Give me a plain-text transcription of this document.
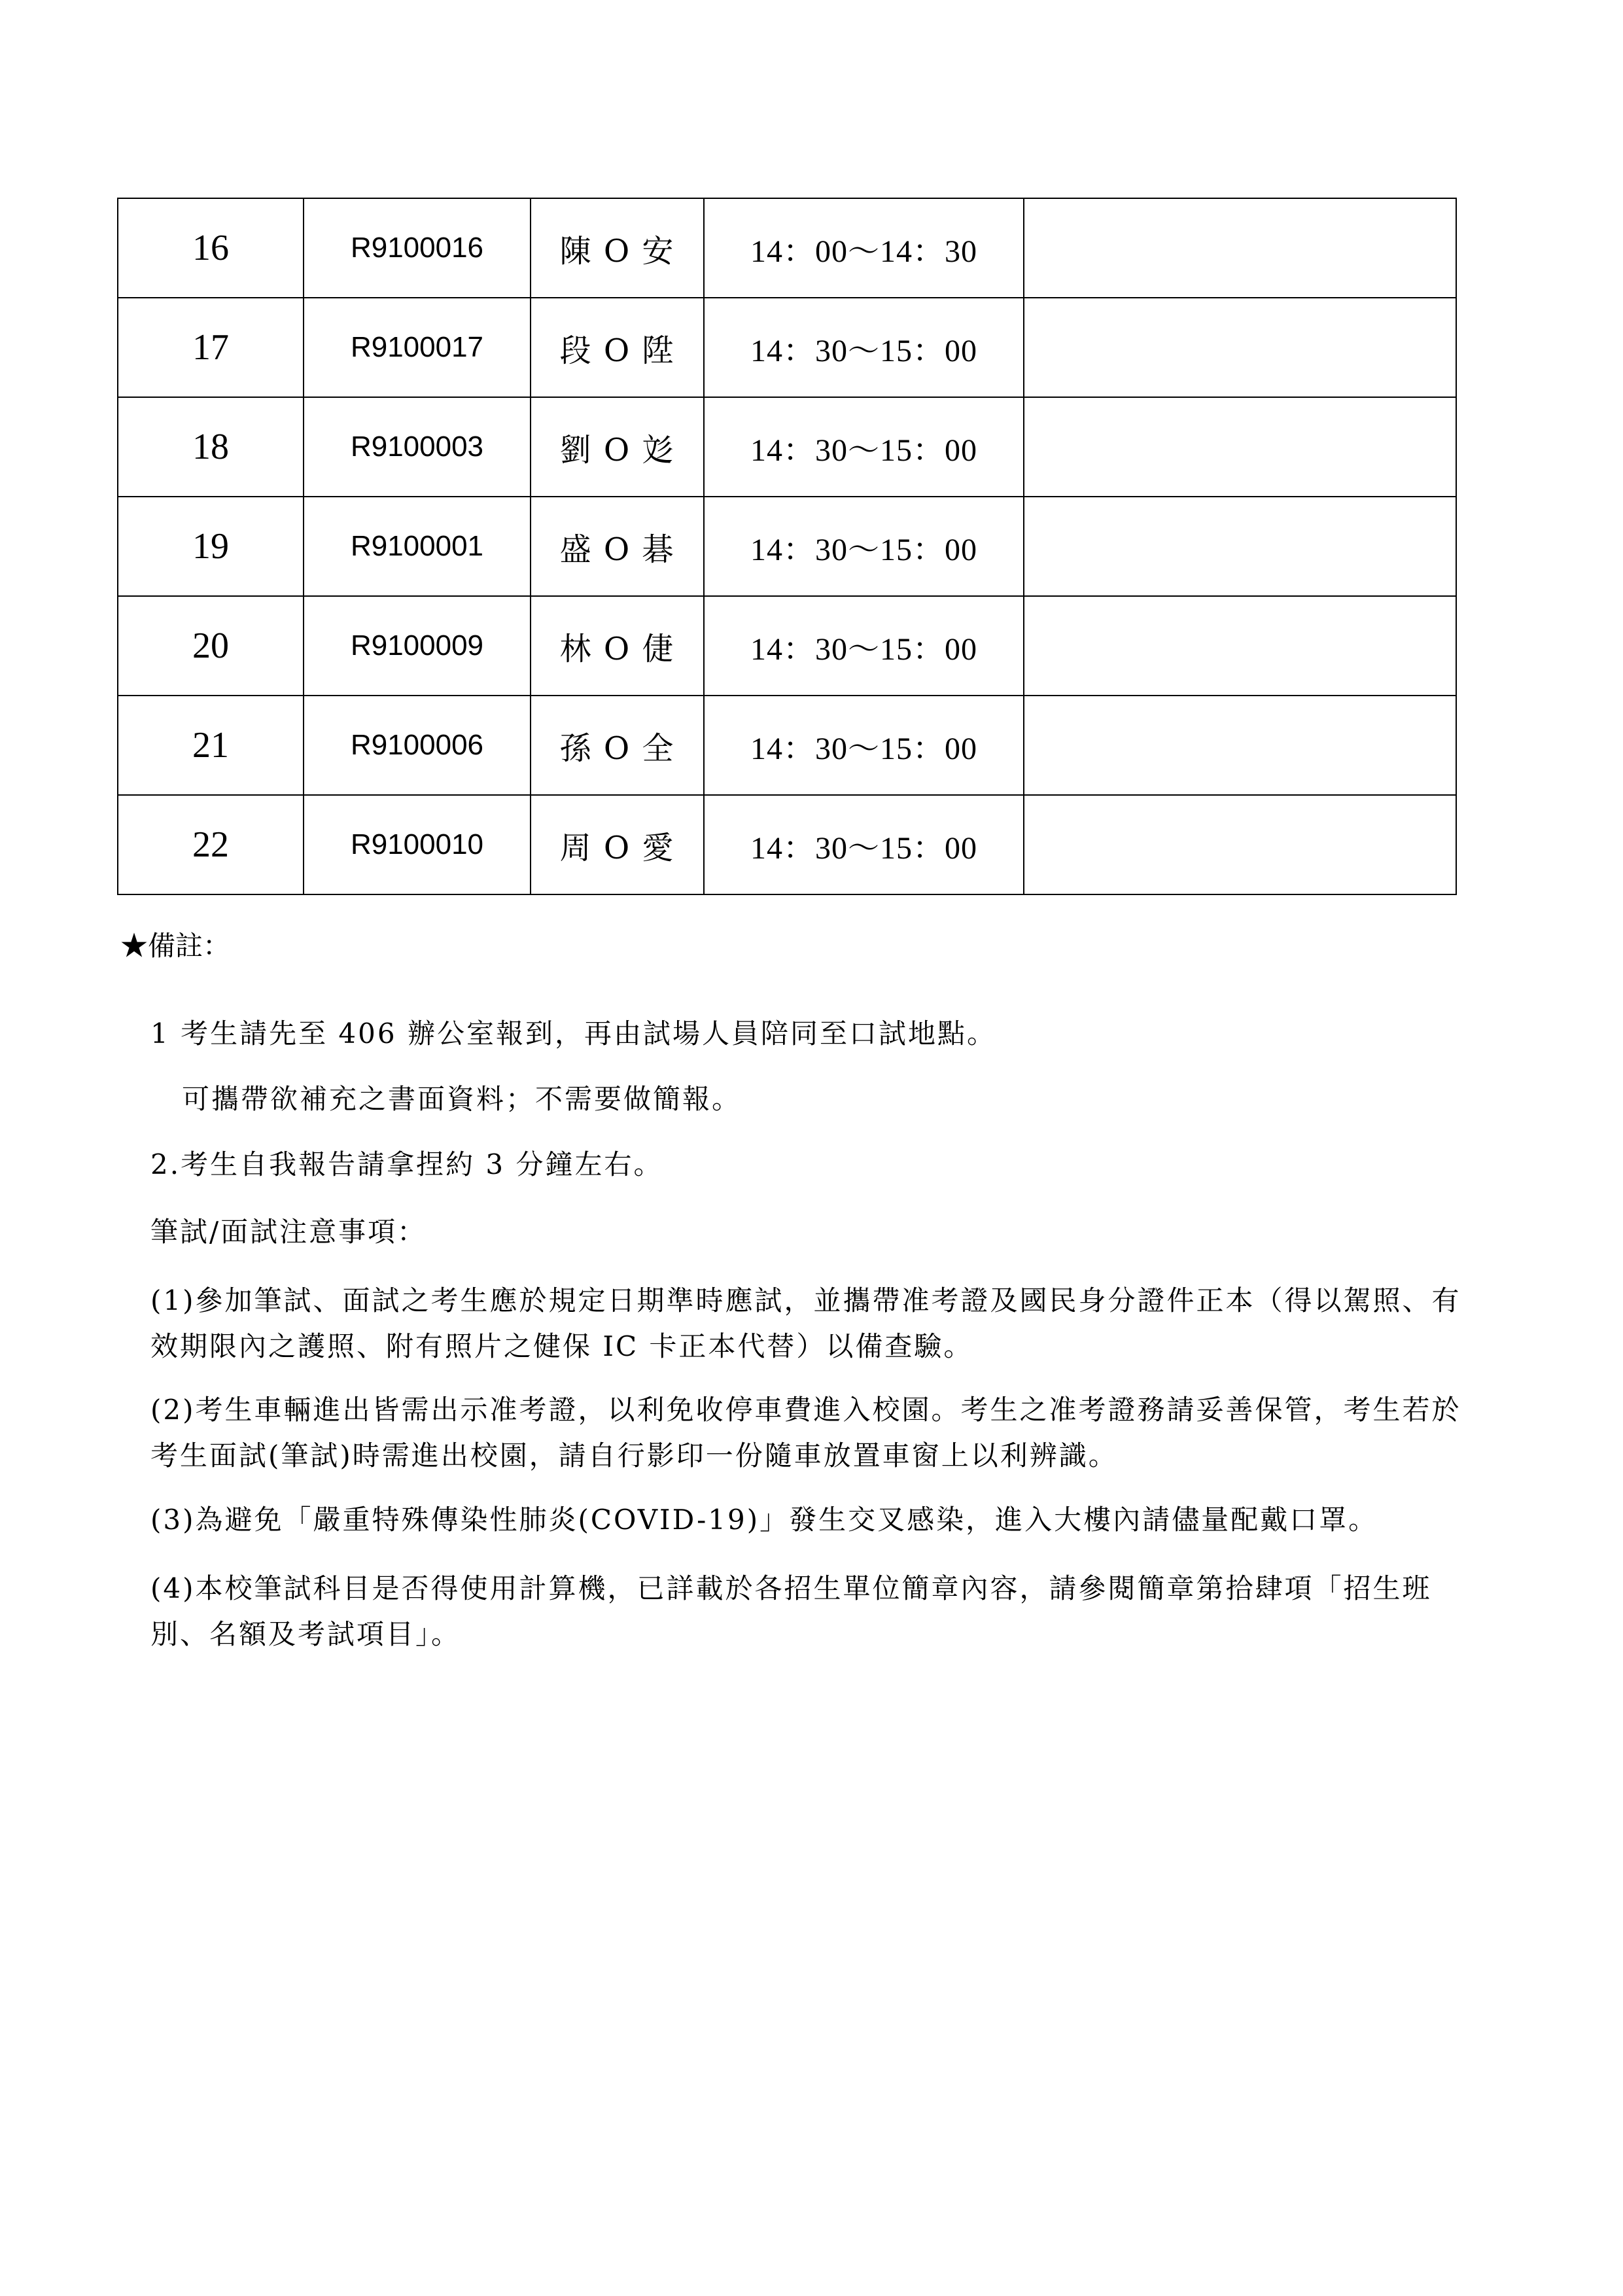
16	R9100016	陳 O 安	14：00～14：30	
17	R9100017	段 O 陞	14：30～15：00	
18	R9100003	劉 O 彣	14：30～15：00	
19	R9100001	盛 O 碁	14：30～15：00	
20	R9100009	林 O 倢	14：30～15：00	
21	R9100006	孫 O 全	14：30～15：00	
22	R9100010	周 O 愛	14：30～15：00	
★備註：
1 考生請先至 406 辦公室報到，再由試場人員陪同至口試地點。
可攜帶欲補充之書面資料；不需要做簡報。
2.考生自我報告請拿捏約 3 分鐘左右。
筆試/面試注意事項：
(1)參加筆試、面試之考生應於規定日期準時應試，並攜帶准考證及國民身分證件正本（得以駕照、有效期限內之護照、附有照片之健保 IC 卡正本代替）以備查驗。
(2)考生車輛進出皆需出示准考證，以利免收停車費進入校園。考生之准考證務請妥善保管，考生若於考生面試(筆試)時需進出校園，請自行影印一份隨車放置車窗上以利辨識。
(3)為避免「嚴重特殊傳染性肺炎(COVID-19)」發生交叉感染，進入大樓內請儘量配戴口罩。
(4)本校筆試科目是否得使用計算機，已詳載於各招生單位簡章內容，請參閱簡章第拾肆項「招生班別、名額及考試項目」。
